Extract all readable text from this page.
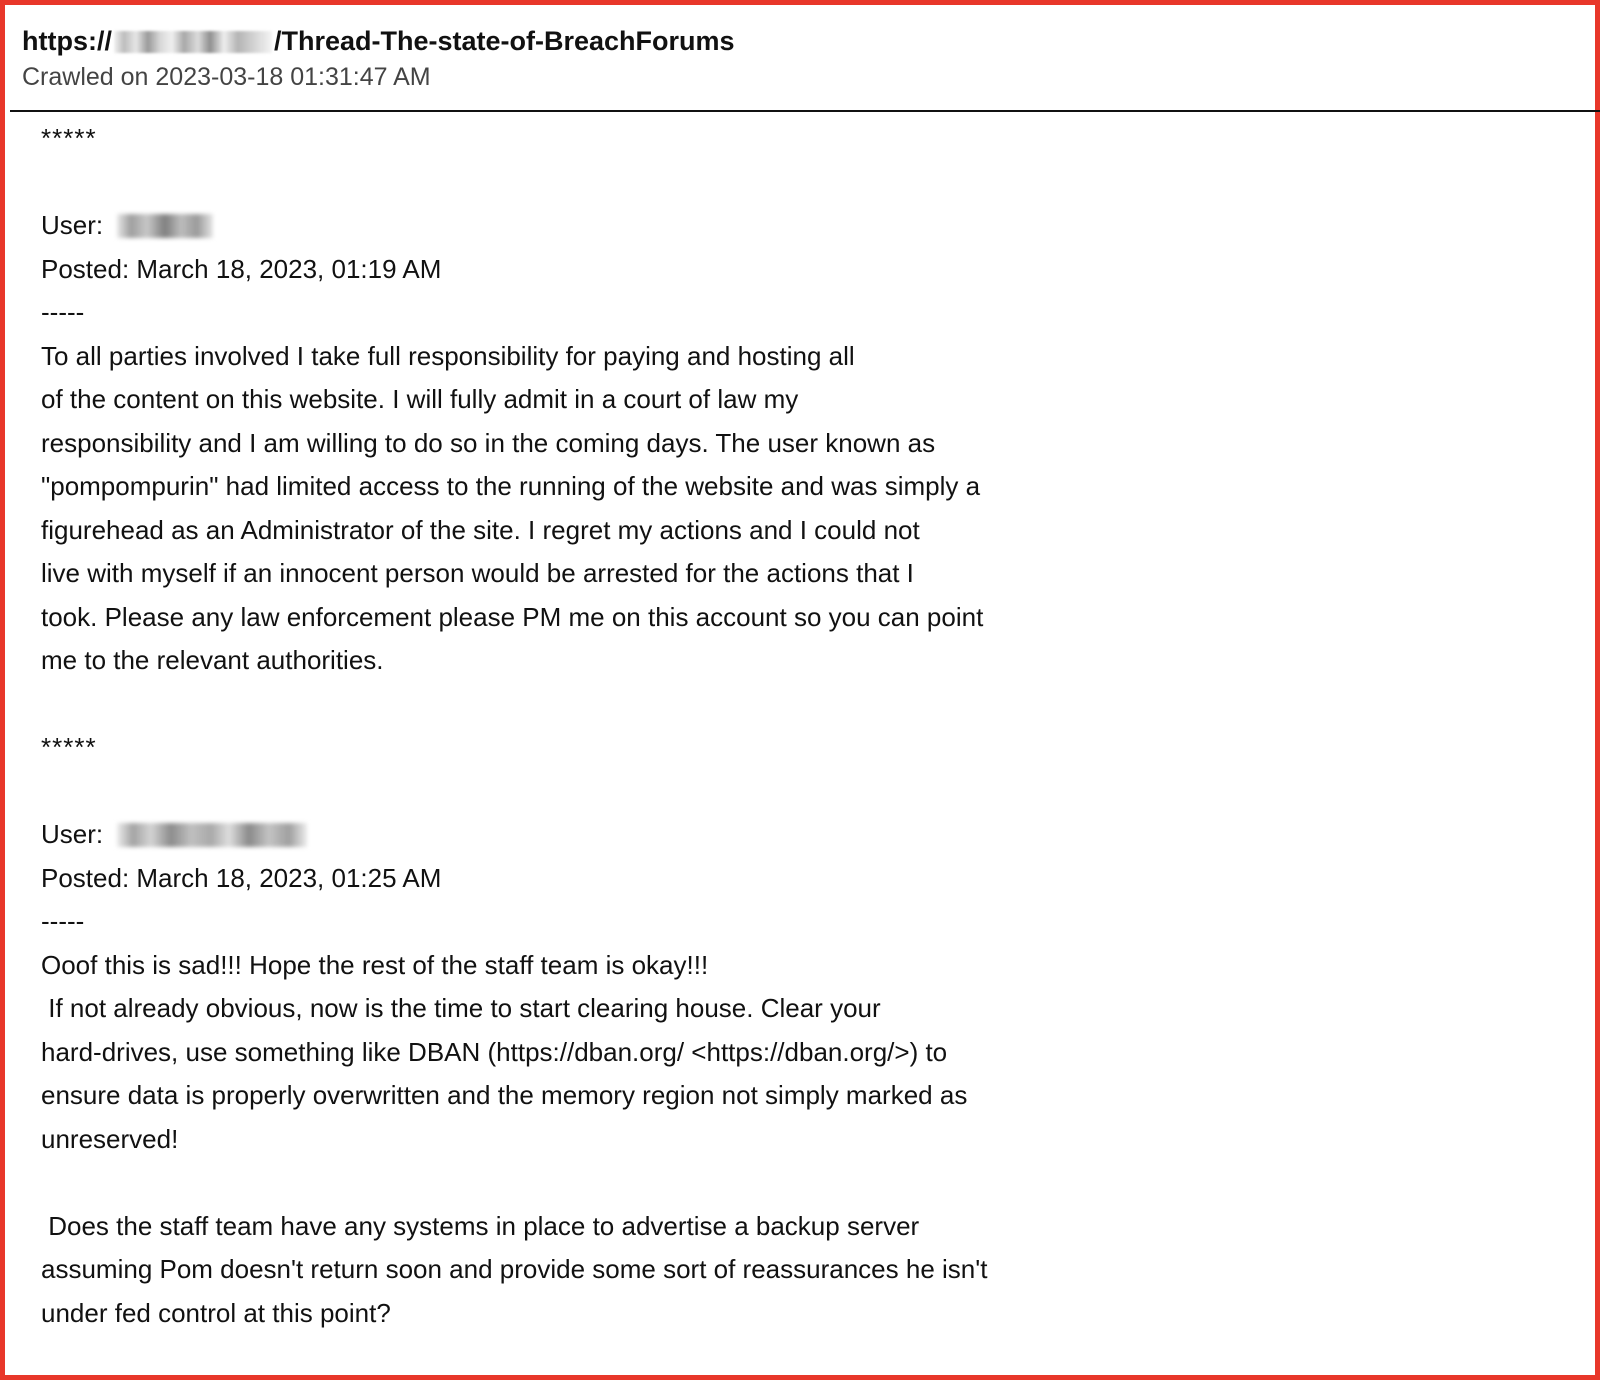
https://	/Thread-The-state-of-BreachForums
Crawled on 2023-03-18 01:31:47 AM
*****
User:
Posted: March 18, 2023, 01:19 AM
-----
To all parties involved I take full responsibility for paying and hosting all
of the content on this website. I will fully admit in a court of law my
responsibility and I am willing to do so in the coming days. The user known as
"pompompurin" had limited access to the running of the website and was simply a
figurehead as an Administrator of the site. I regret my actions and I could not
live with myself if an innocent person would be arrested for the actions that I
took. Please any law enforcement please PM me on this account so you can point
me to the relevant authorities.
*****
User:
Posted: March 18, 2023, 01:25 AM
-----
Ooof this is sad!!! Hope the rest of the staff team is okay!!!
If not already obvious, now is the time to start clearing house. Clear your
hard-drives, use something like DBAN (https://dban.org/ <https://dban.org/>) to
ensure data is properly overwritten and the memory region not simply marked as
unreserved!
Does the staff team have any systems in place to advertise a backup server
assuming Pom doesn't return soon and provide some sort of reassurances he isn't
under fed control at this point?
